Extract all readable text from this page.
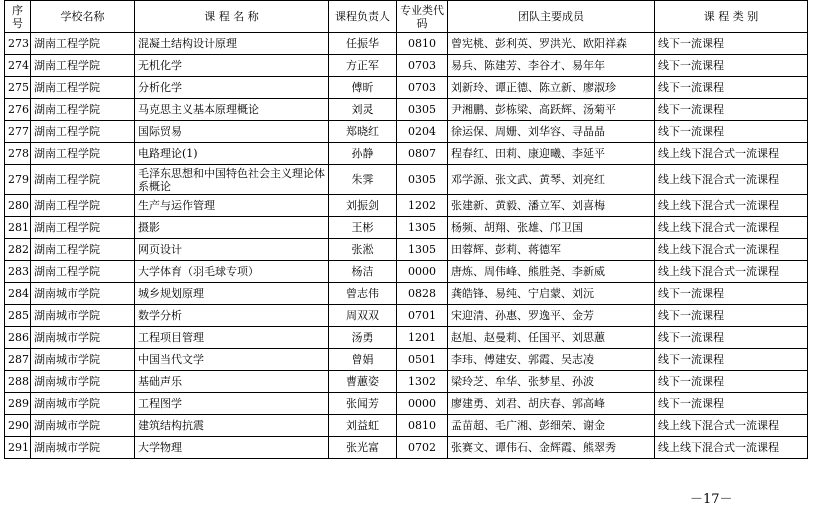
序号	学校名称	课 程 名 称	课程负责人	专业类代 码	团队主要成员	课 程 类 别
273	湖南工程学院	混凝土结构设计原理	任振华	0810	曾宪桃、彭利英、罗洪光、欧阳祥森	线下一流课程
274	湖南工程学院	无机化学	方正军	0703	易兵、陈建芳、李谷才、易年年	线下一流课程
275	湖南工程学院	分析化学	傅昕	0703	刘新玲、谭正德、陈立新、廖淑珍	线下一流课程
276	湖南工程学院	马克思主义基本原理概论	刘灵	0305	尹湘鹏、彭栋梁、高跃辉、汤菊平	线下一流课程
277	湖南工程学院	国际贸易	郑晓红	0204	徐运保、周姗、刘华容、寻晶晶	线下一流课程
278	湖南工程学院	电路理论(1)	孙静	0807	程春红、田莉、康迎曦、李延平	线上线下混合式一流课程
279	湖南工程学院	毛泽东思想和中国特色社会主义理论体系概论	朱霁	0305	邓学源、张文武、黄琴、刘亮红	线上线下混合式一流课程
280	湖南工程学院	生产与运作管理	刘振剑	1202	张建新、黄毅、潘立军、刘喜梅	线上线下混合式一流课程
281	湖南工程学院	摄影	王彬	1305	杨频、胡翔、张雄、邝卫国	线上线下混合式一流课程
282	湖南工程学院	网页设计	张淞	1305	田蓉辉、彭莉、蒋德军	线上线下混合式一流课程
283	湖南工程学院	大学体育（羽毛球专项）	杨洁	0000	唐炼、周伟峰、熊胜尧、李新威	线上线下混合式一流课程
284	湖南城市学院	城乡规划原理	曾志伟	0828	龚皓锋、易纯、宁启蒙、刘沅	线下一流课程
285	湖南城市学院	数学分析	周双双	0701	宋迎清、孙惠、罗逸平、金芳	线下一流课程
286	湖南城市学院	工程项目管理	汤勇	1201	赵旭、赵曼莉、任国平、刘思蕙	线下一流课程
287	湖南城市学院	中国当代文学	曾娟	0501	李玮、傅建安、郭霞、吴志凌	线下一流课程
288	湖南城市学院	基础声乐	曹蕙姿	1302	梁玲芝、牟华、张梦星、孙波	线下一流课程
289	湖南城市学院	工程图学	张闻芳	0000	廖建勇、刘君、胡庆春、郭高峰	线下一流课程
290	湖南城市学院	建筑结构抗震	刘益虹	0810	孟苗超、毛广湘、彭细荣、谢金	线上线下混合式一流课程
291	湖南城市学院	大学物理	张光富	0702	张赛文、谭伟石、金辉霞、熊翠秀	线上线下混合式一流课程
－17－
